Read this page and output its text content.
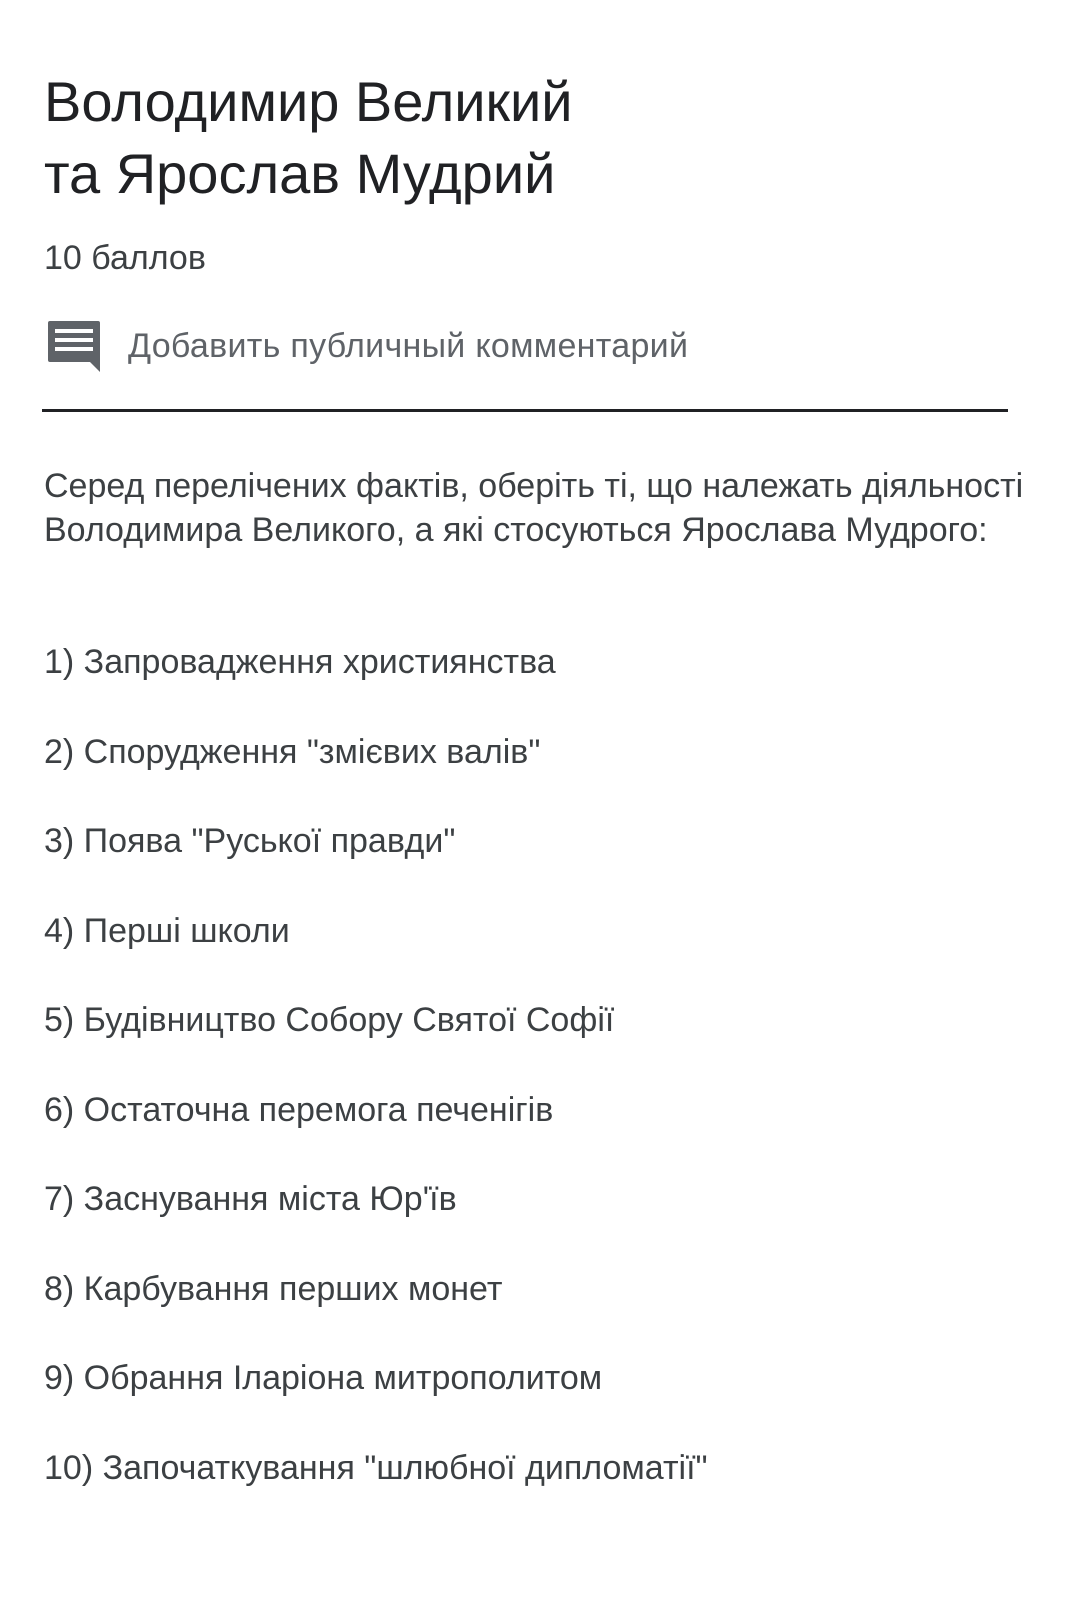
Володимир Великий
та Ярослав Мудрий
10 баллов
Добавить публичный комментарий

Серед перелічених фактів, оберіть ті, що належать діяльності Володимира Великого, а які стосуються Ярослава Мудрого:

1) Запровадження християнства
2) Спорудження "змієвих валів"
3) Поява "Руської правди"
4) Перші школи
5) Будівництво Собору Святої Софії
6) Остаточна перемога печенігів
7) Заснування міста Юр'їв
8) Карбування перших монет
9) Обрання Іларіона митрополитом
10) Започаткування "шлюбної дипломатії"
